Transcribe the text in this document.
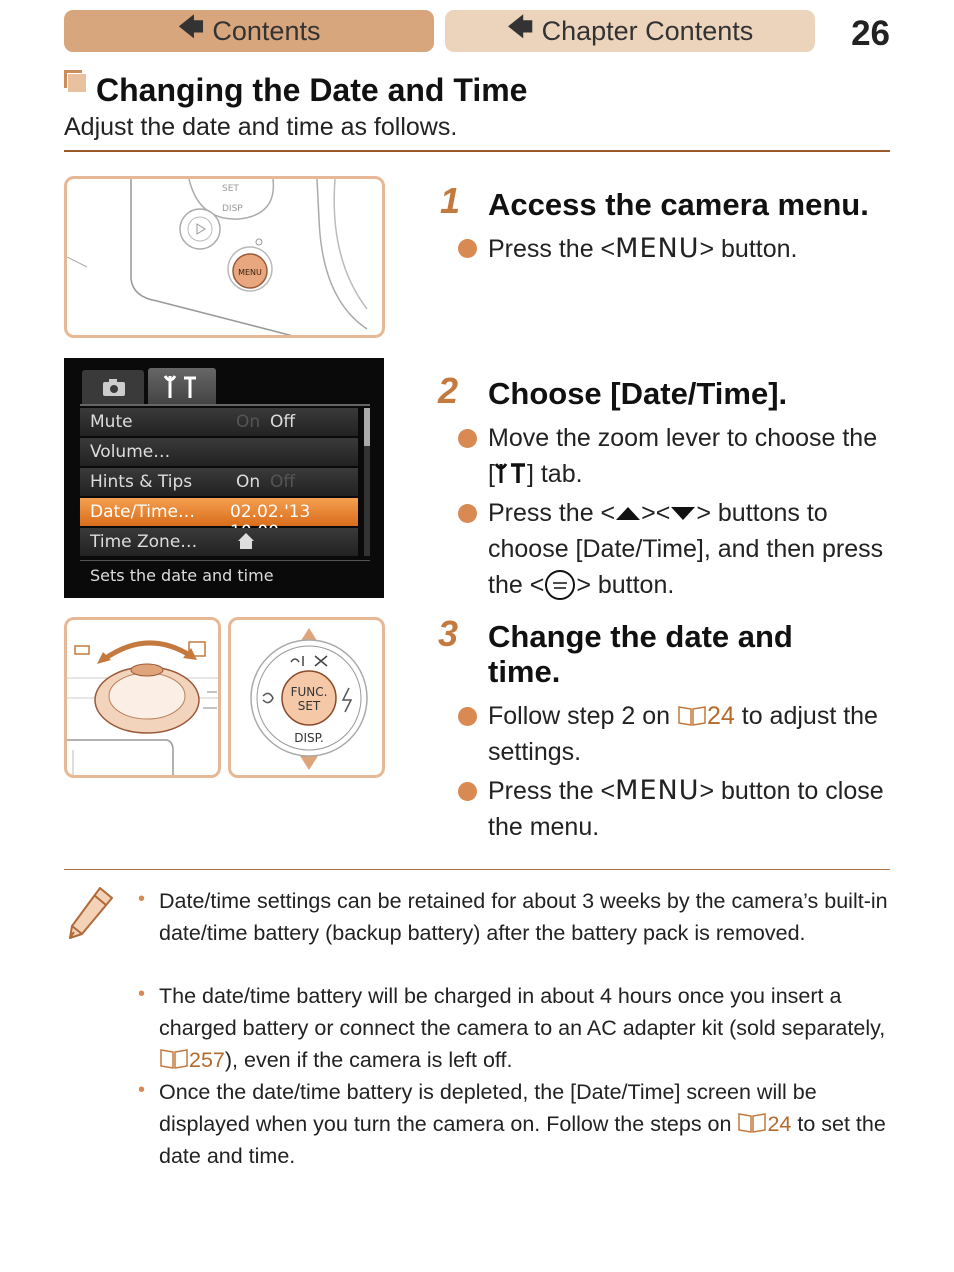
🡄 Contents	🡄 Chapter Contents	26
Changing the Date and Time
Adjust the date and time as follows.
SET
DISP
MENU
Mute	On Off
Volume…
Hints & Tips	On Off
Date/Time… 02.02.'13
Time Zone…
Sets the date and time
FUNC.
SET
DISP.
1 Access the camera menu.
Press the <MENU> button.
2 Choose [Date/Time].
Move the zoom lever to choose the [ ] tab.
Press the < >< > buttons to choose [Date/Time], and then press the < > button.
3 Change the date and
time.
Follow step 2 on 24 to adjust the settings.
Press the <MENU> button to close the menu.
• Date/time settings can be retained for about 3 weeks by the camera’s built-in date/time battery (backup battery) after the battery pack is removed.
• The date/time battery will be charged in about 4 hours once you insert a charged battery or connect the camera to an AC adapter kit (sold separately, 257), even if the camera is left off.
• Once the date/time battery is depleted, the [Date/Time] screen will be displayed when you turn the camera on. Follow the steps on 24 to set the date and time.
